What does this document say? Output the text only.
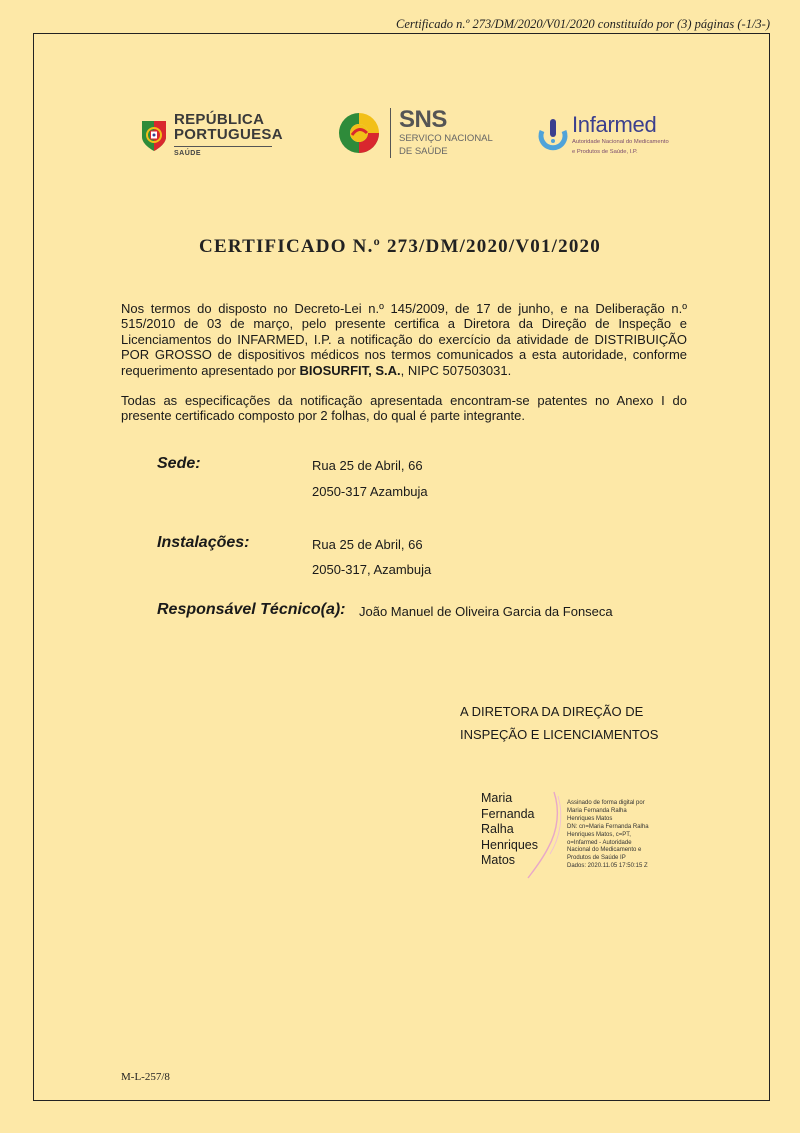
Certificado n.º 273/DM/2020/V01/2020 constituído por (3) páginas (-1/3-)
REPÚBLICA
PORTUGUESA
SAÚDE
SNS
SERVIÇO NACIONAL
DE SAÚDE
Infarmed
Autoridade Nacional do Medicamento
e Produtos de Saúde, I.P.
CERTIFICADO N.º 273/DM/2020/V01/2020

Nos termos do disposto no Decreto-Lei n.º 145/2009, de 17 de junho, e na Deliberação n.º 515/2010 de 03 de março, pelo presente certifica a Diretora da Direção de Inspeção e Licenciamentos do INFARMED, I.P. a notificação do exercício da atividade de DISTRIBUIÇÃO POR GROSSO de dispositivos médicos nos termos comunicados a esta autoridade, conforme requerimento apresentado por BIOSURFIT, S.A., NIPC 507503031.

Todas as especificações da notificação apresentada encontram-se patentes no Anexo I do presente certificado composto por 2 folhas, do qual é parte integrante.

Sede:	Rua 25 de Abril, 66
2050-317 Azambuja
Instalações:	Rua 25 de Abril, 66
2050-317, Azambuja
Responsável Técnico(a): João Manuel de Oliveira Garcia da Fonseca
A DIRETORA DA DIREÇÃO DE
INSPEÇÃO E LICENCIAMENTOS
Maria
Fernanda
Ralha
Henriques
Matos
Assinado de forma digital por
Maria Fernanda Ralha
Henriques Matos
DN: cn=Maria Fernanda Ralha
Henriques Matos, c=PT,
o=Infarmed - Autoridade
Nacional do Medicamento e
Produtos de Saúde IP
Dados: 2020.11.05 17:50:15 Z
M-L-257/8
